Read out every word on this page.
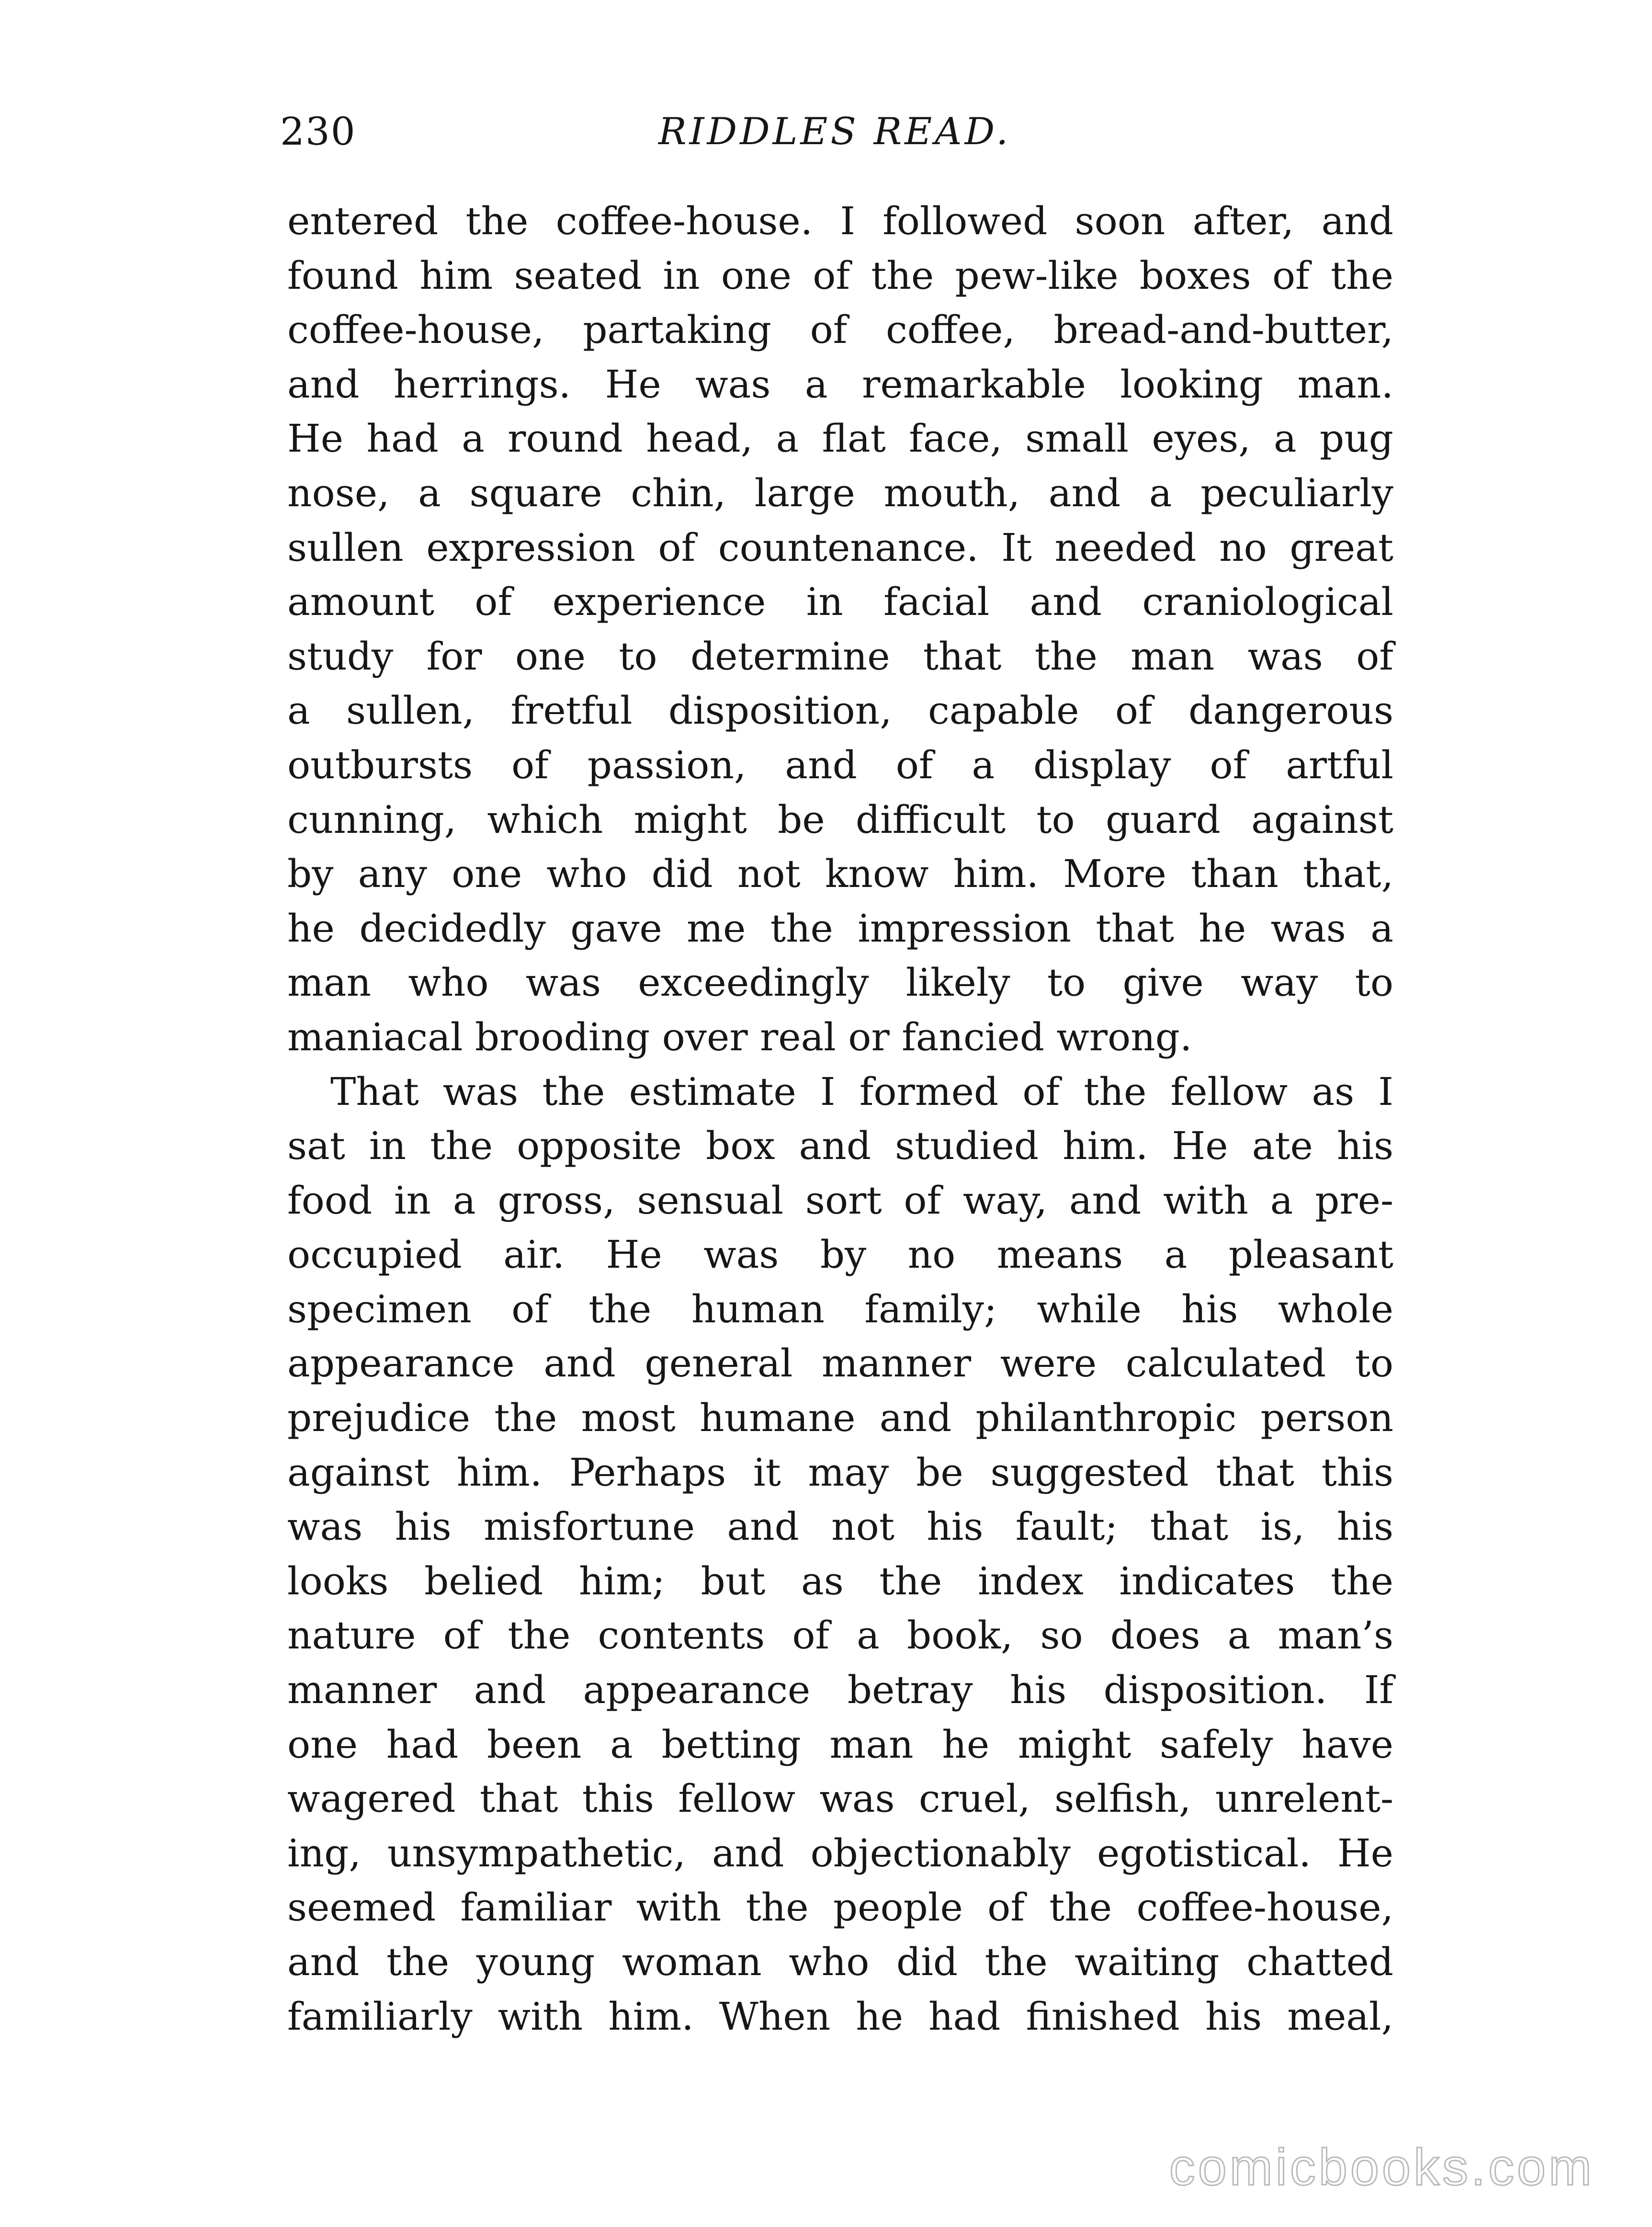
230	RIDDLES READ.
entered the coffee-house. I followed soon after, and
found him seated in one of the pew-like boxes of the
coffee-house, partaking of coffee, bread-and-butter,
and herrings. He was a remarkable looking man.
He had a round head, a flat face, small eyes, a pug
nose, a square chin, large mouth, and a peculiarly
sullen expression of countenance. It needed no great
amount of experience in facial and craniological
study for one to determine that the man was of
a sullen, fretful disposition, capable of dangerous
outbursts of passion, and of a display of artful
cunning, which might be difficult to guard against
by any one who did not know him. More than that,
he decidedly gave me the impression that he was a
man who was exceedingly likely to give way to
maniacal brooding over real or fancied wrong.
That was the estimate I formed of the fellow as I
sat in the opposite box and studied him. He ate his
food in a gross, sensual sort of way, and with a pre-
occupied air. He was by no means a pleasant
specimen of the human family; while his whole
appearance and general manner were calculated to
prejudice the most humane and philanthropic person
against him. Perhaps it may be suggested that this
was his misfortune and not his fault; that is, his
looks belied him; but as the index indicates the
nature of the contents of a book, so does a man’s
manner and appearance betray his disposition. If
one had been a betting man he might safely have
wagered that this fellow was cruel, selfish, unrelent-
ing, unsympathetic, and objectionably egotistical. He
seemed familiar with the people of the coffee-house,
and the young woman who did the waiting chatted
familiarly with him. When he had finished his meal,
comicbooks.com
